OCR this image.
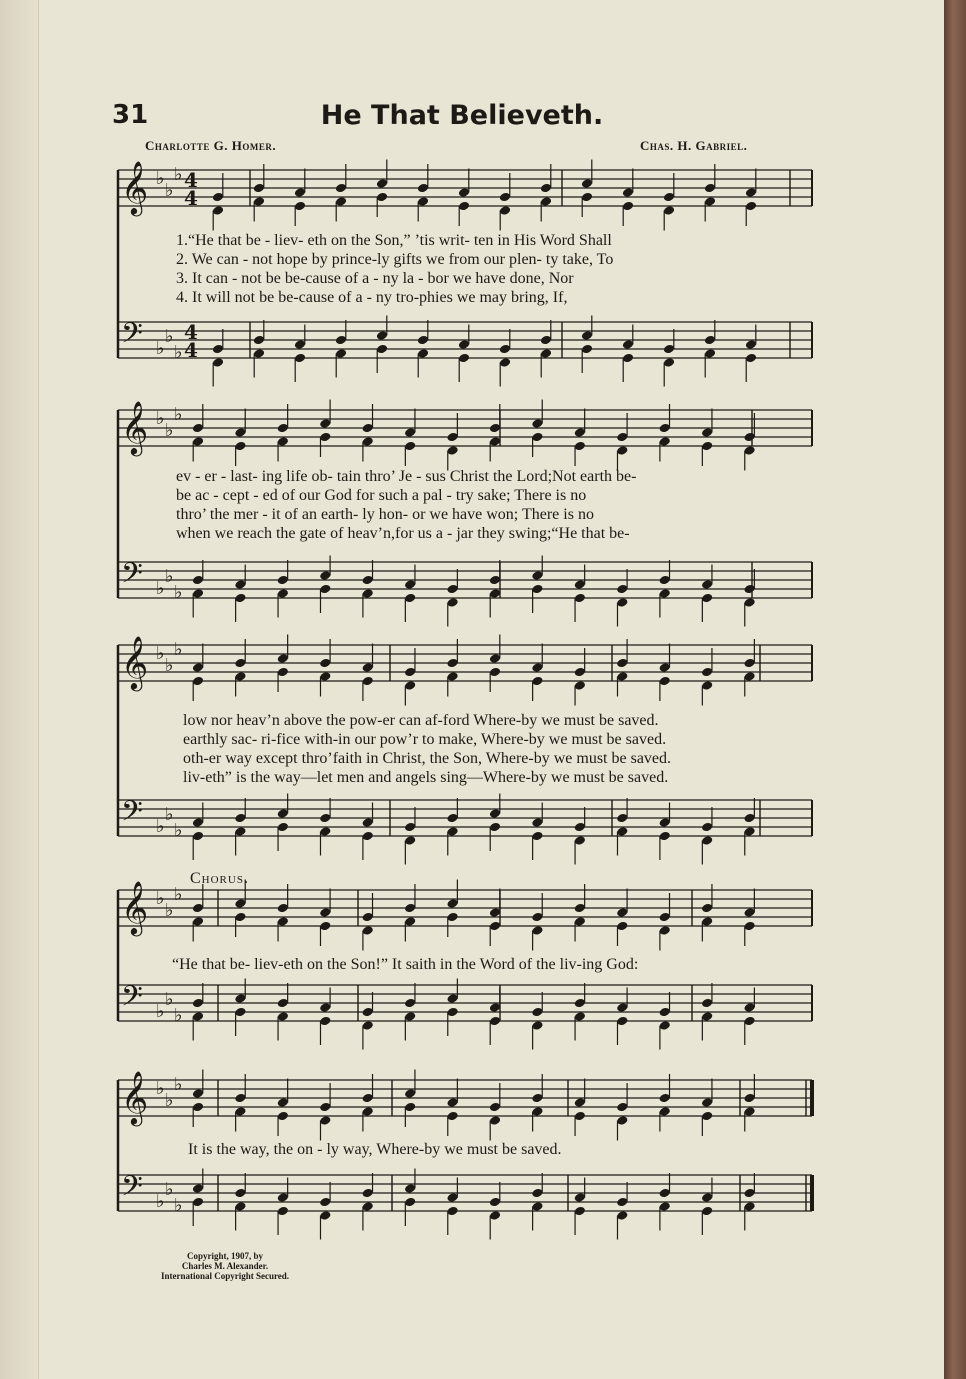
31	He That Believeth.
Charlotte G. Homer.	Chas. H. Gabriel.
𝄞 ♭
♭
♭ 4
4
𝄢 ♭
♭
♭
4
4
𝄞 ♭
♭
♭
𝄢 ♭
♭
♭
𝄞 ♭
♭
♭
𝄢 ♭
♭
♭
𝄞 ♭
♭
♭
𝄢 ♭
♭
♭
𝄞 ♭
♭
♭
𝄢 ♭
♭
♭
1.“He that be - liev- eth on the Son,” ’tis writ- ten in His Word Shall
2. We can - not hope by prince-ly gifts we from our plen- ty take, To
3. It can - not be be-cause of a - ny la - bor we have done, Nor
4. It will not be be-cause of a - ny tro-phies we may bring, If,
ev - er - last- ing life ob- tain thro’ Je - sus Christ the Lord;Not earth be-
be ac - cept - ed of our God for such a pal - try sake; There is no
thro’ the mer - it of an earth- ly hon- or we have won; There is no
when we reach the gate of heav’n,for us a - jar they swing;“He that be-
low nor heav’n above the pow-er can af-ford Where-by we must be saved.
earthly sac- ri-fice with-in our pow’r to make, Where-by we must be saved.
oth-er way except thro’faith in Christ, the Son, Where-by we must be saved.
liv-eth” is the way—let men and angels sing—Where-by we must be saved.
Chorus.
“He that be- liev-eth on the Son!” It saith in the Word of the liv-ing God:
It is the way, the on - ly way, Where-by we must be saved.
Copyright, 1907, by
Charles M. Alexander.
International Copyright Secured.
